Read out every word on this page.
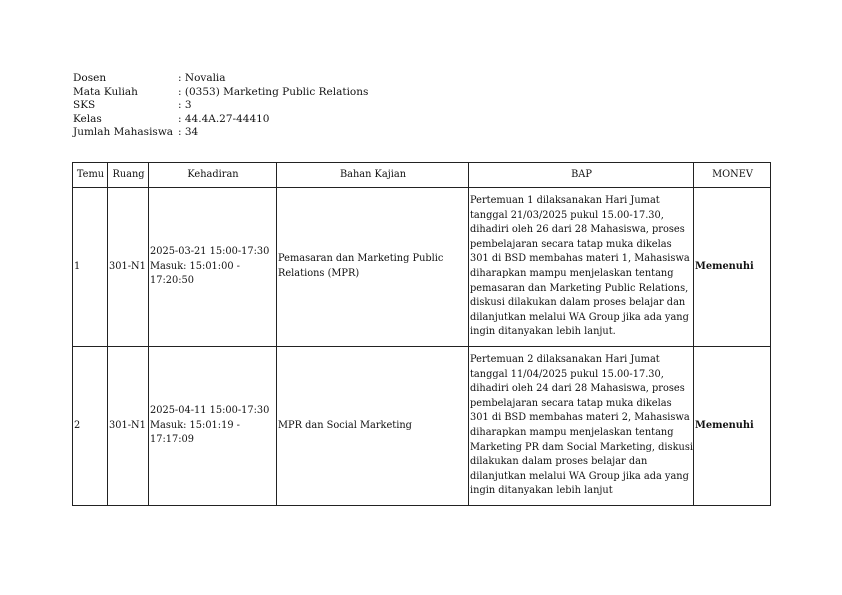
Dosen	: Novalia
Mata Kuliah	: (0353) Marketing Public Relations
SKS	: 3
Kelas	: 44.4A.27-44410
Jumlah Mahasiswa : 34
Temu	Ruang	Kehadiran	Bahan Kajian	BAP	MONEV
1	301-N1	2025-03-21 15:00-17:30
Masuk: 15:01:00 - 17:20:50	Pemasaran dan Marketing Public Relations (MPR)	Pertemuan 1 dilaksanakan Hari Jumat tanggal 21/03/2025 pukul 15.00-17.30, dihadiri oleh 26 dari 28 Mahasiswa, proses pembelajaran secara tatap muka dikelas 301 di BSD membahas materi 1, Mahasiswa diharapkan mampu menjelaskan tentang pemasaran dan Marketing Public Relations, diskusi dilakukan dalam proses belajar dan dilanjutkan melalui WA Group jika ada yang ingin ditanyakan lebih lanjut.	Memenuhi
2	301-N1	2025-04-11 15:00-17:30
Masuk: 15:01:19 - 17:17:09	MPR dan Social Marketing	Pertemuan 2 dilaksanakan Hari Jumat tanggal 11/04/2025 pukul 15.00-17.30, dihadiri oleh 24 dari 28 Mahasiswa, proses pembelajaran secara tatap muka dikelas 301 di BSD membahas materi 2, Mahasiswa diharapkan mampu menjelaskan tentang Marketing PR dam Social Marketing, diskusi dilakukan dalam proses belajar dan dilanjutkan melalui WA Group jika ada yang ingin ditanyakan lebih lanjut	Memenuhi
